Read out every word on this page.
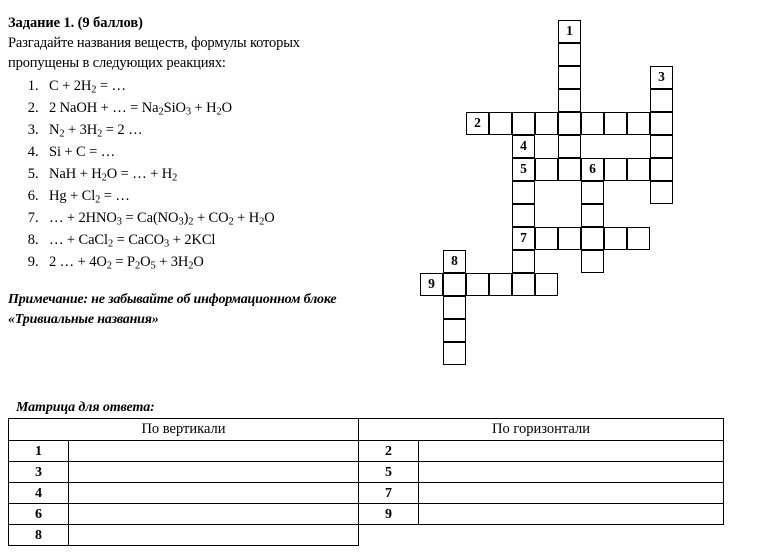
Задание 1. (9 баллов)

Разгадайте названия веществ, формулы которых
пропущены в следующих реакциях:

1. $C + 2H_2$ = …
2. 2 NaOH + … = $Na_2SiO_3 + H_2O$
3. $N_2 + 3H_2 = 2$ …
4. Si + C = …
5. NaH + $H_2O$ = … + $H_2$
6. $Hg + Cl_2$ = …
7. … + $2HNO_3 = Ca(NO_3)_2 + CO_2 + H_2O$
8. … + CaCl$_2$ = CaCO$_3$ + 2KCl
9. 2 … + $4O_2 = P_2O_5 + 3H_2O$
Примечание: не забывайте об информационном блоке
«Тривиальные названия»
1
2
3
4
5
7
6
8
9
Матрица для ответа:
По вертикали		По горизонтали	
1		2	
3		5	
4		7	
6		9	
8			
